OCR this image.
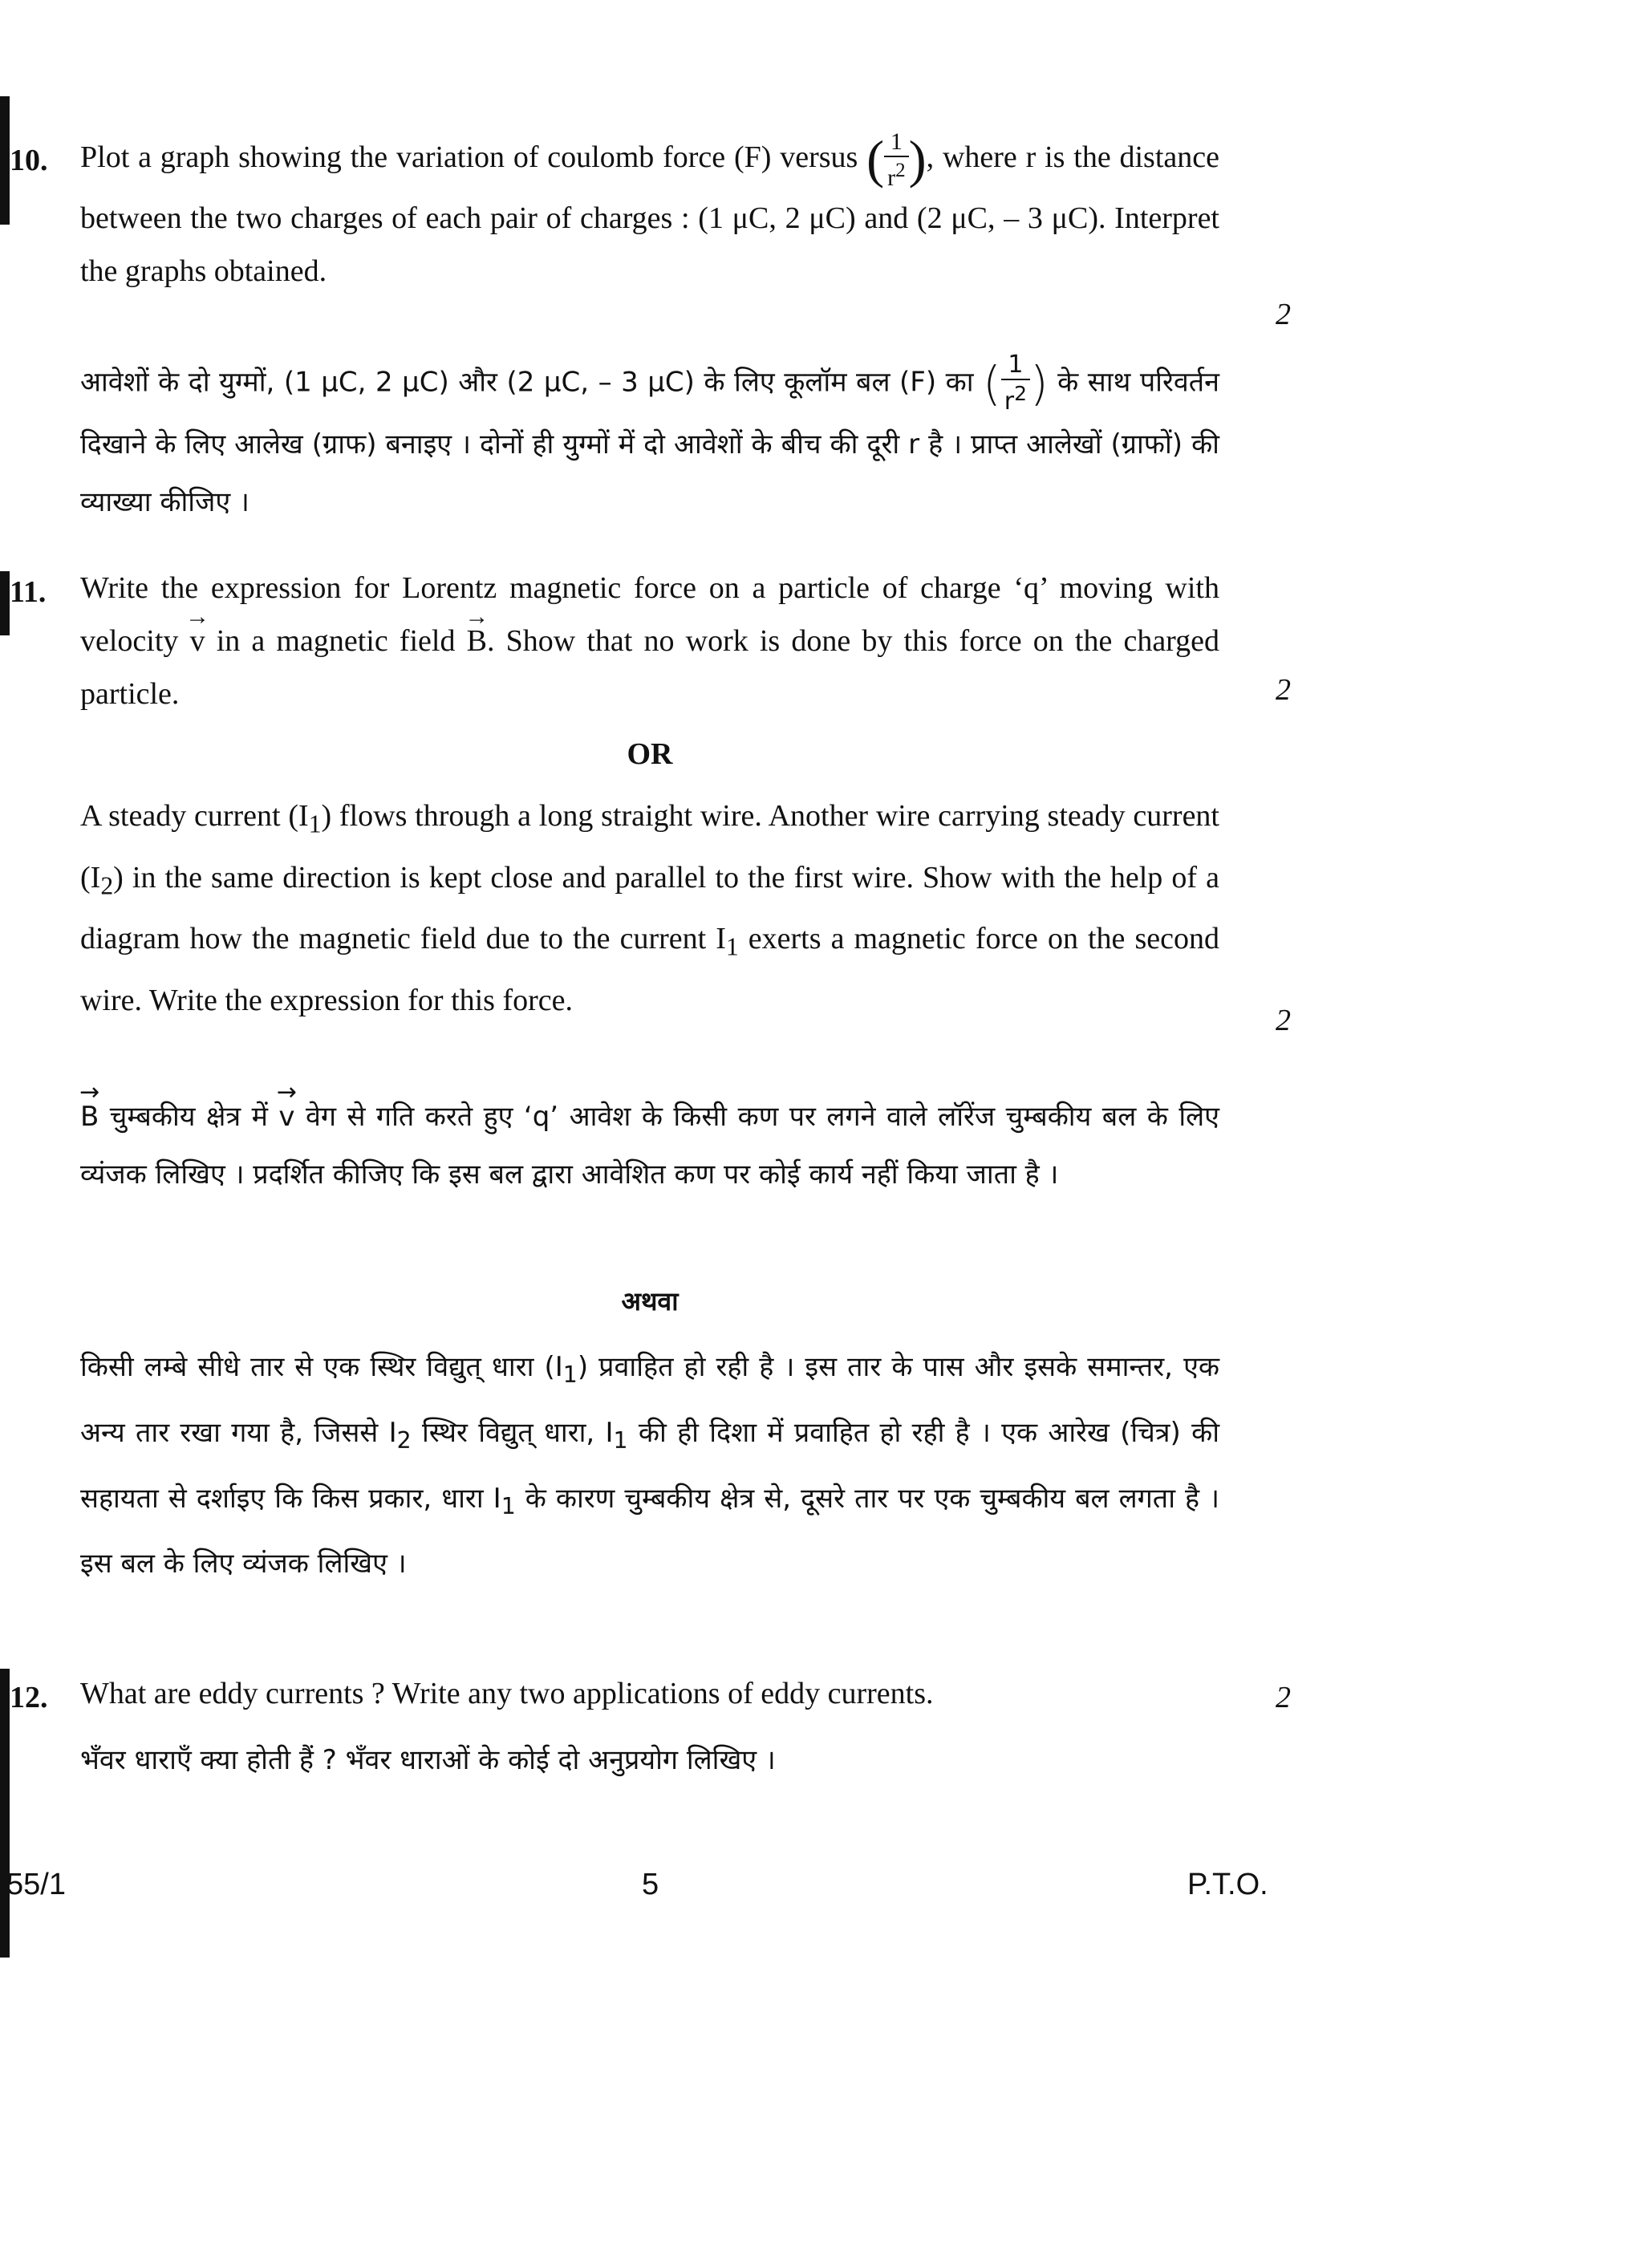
10. Plot a graph showing the variation of coulomb force (F) versus ( $\frac{1}{r^2}$ ), where r is the distance between the two charges of each pair of charges : (1 μC, 2 μC) and (2 μC, – 3 μC). Interpret the graphs obtained.

2

आवेशों के दो युग्मों, (1 μC, 2 μC) और (2 μC, – 3 μC) के लिए कूलॉम बल (F) का ( $\frac{1}{r^2}$ ) के साथ परिवर्तन दिखाने के लिए आलेख (ग्राफ) बनाइए । दोनों ही युग्मों में दो आवेशों के बीच की दूरी r है । प्राप्त आलेखों (ग्राफों) की व्याख्या कीजिए ।

11. Write the expression for Lorentz magnetic force on a particle of charge ‘q’ moving with velocity → v in a magnetic field → B. Show that no work is done by this force on the charged particle.	2

OR

A steady current $(I_1)$ flows through a long straight wire. Another wire carrying steady current $(I_2)$ in the same direction is kept close and parallel to the first wire. Show with the help of a diagram how the magnetic field due to the current $I_1$ exerts a magnetic force on the second wire. Write the expression for this force.

2

→ B चुम्बकीय क्षेत्र में → v वेग से गति करते हुए ‘q’ आवेश के किसी कण पर लगने वाले लॉरेंज चुम्बकीय बल के लिए व्यंजक लिखिए । प्रदर्शित कीजिए कि इस बल द्वारा आवेशित कण पर कोई कार्य नहीं किया जाता है ।

अथवा

किसी लम्बे सीधे तार से एक स्थिर विद्युत् धारा $(I_1)$ प्रवाहित हो रही है । इस तार के पास और इसके समान्तर, एक अन्य तार रखा गया है, जिससे $I_2$ स्थिर विद्युत् धारा, $I_1$ की ही दिशा में प्रवाहित हो रही है । एक आरेख (चित्र) की सहायता से दर्शाइए कि किस प्रकार, धारा $I_1$ के कारण चुम्बकीय क्षेत्र से, दूसरे तार पर एक चुम्बकीय बल लगता है । इस बल के लिए व्यंजक लिखिए ।

12. What are eddy currents ? Write any two applications of eddy currents.	2

भँवर धाराएँ क्या होती हैं ? भँवर धाराओं के कोई दो अनुप्रयोग लिखिए ।

55/1	5	P.T.O.
